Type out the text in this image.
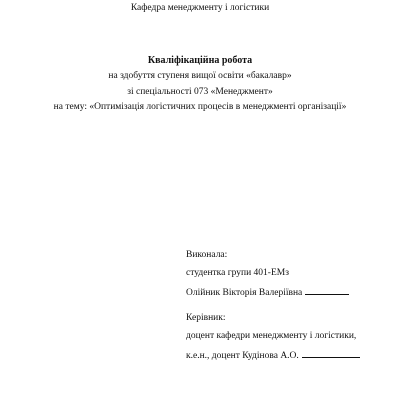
Кафедра менеджменту і логістики
Кваліфікаційна робота
на здобуття ступеня вищої освіти «бакалавр»
зі спеціальності 073 «Менеджмент»
на тему: «Оптимізація логістичних процесів в менеджменті організації»
Виконала:
студентка групи 401-ЕМз
Олійник Вікторія Валеріївна
Керівник:
доцент кафедри менеджменту і логістики,
к.е.н., доцент Кудінова А.О.
